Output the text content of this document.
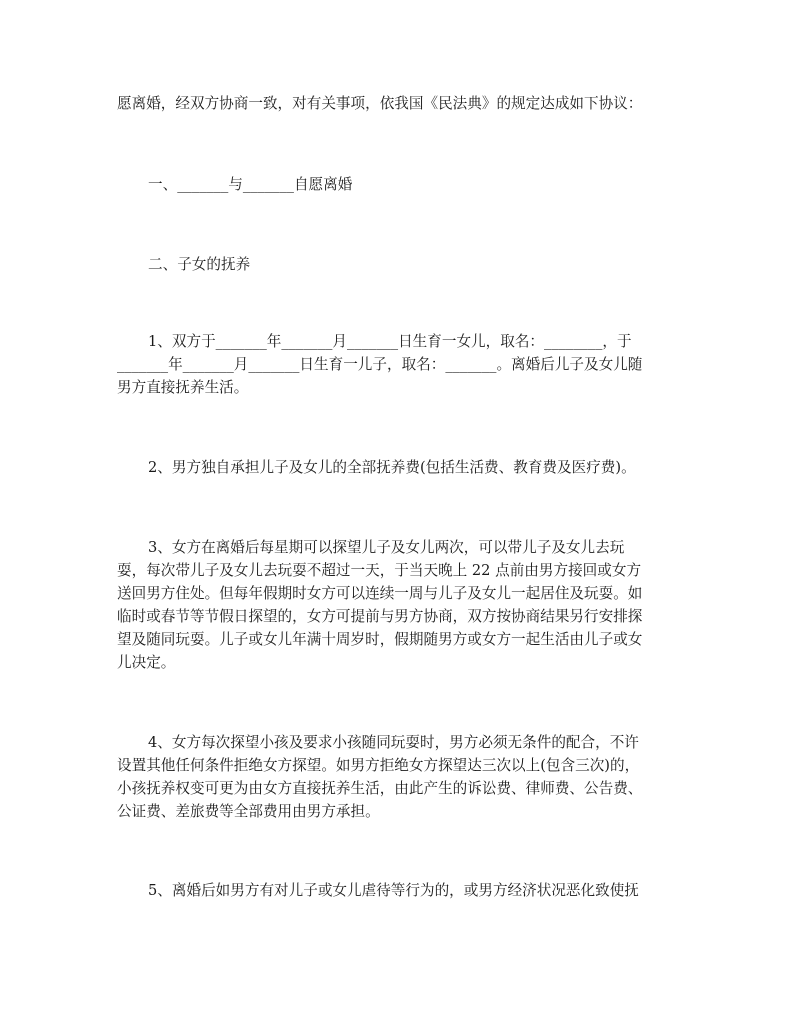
愿离婚，经双方协商一致，对有关事项，依我国《民法典》的规定达成如下协议：

一、_______与_______自愿离婚

二、子女的抚养

1、双方于_______年_______月_______日生育一女儿，取名：________，于
_______年_______月_______日生育一儿子，取名：_______。离婚后儿子及女儿随
男方直接抚养生活。
2、男方独自承担儿子及女儿的全部抚养费(包括生活费、教育费及医疗费)。
3、女方在离婚后每星期可以探望儿子及女儿两次，可以带儿子及女儿去玩
耍，每次带儿子及女儿去玩耍不超过一天，于当天晚上 22 点前由男方接回或女方
送回男方住处。但每年假期时女方可以连续一周与儿子及女儿一起居住及玩耍。如
临时或春节等节假日探望的，女方可提前与男方协商，双方按协商结果另行安排探
望及随同玩耍。儿子或女儿年满十周岁时，假期随男方或女方一起生活由儿子或女
儿决定。
4、女方每次探望小孩及要求小孩随同玩耍时，男方必须无条件的配合，不许
设置其他任何条件拒绝女方探望。如男方拒绝女方探望达三次以上(包含三次)的，
小孩抚养权变可更为由女方直接抚养生活，由此产生的诉讼费、律师费、公告费、
公证费、差旅费等全部费用由男方承担。
5、离婚后如男方有对儿子或女儿虐待等行为的，或男方经济状况恶化致使抚
